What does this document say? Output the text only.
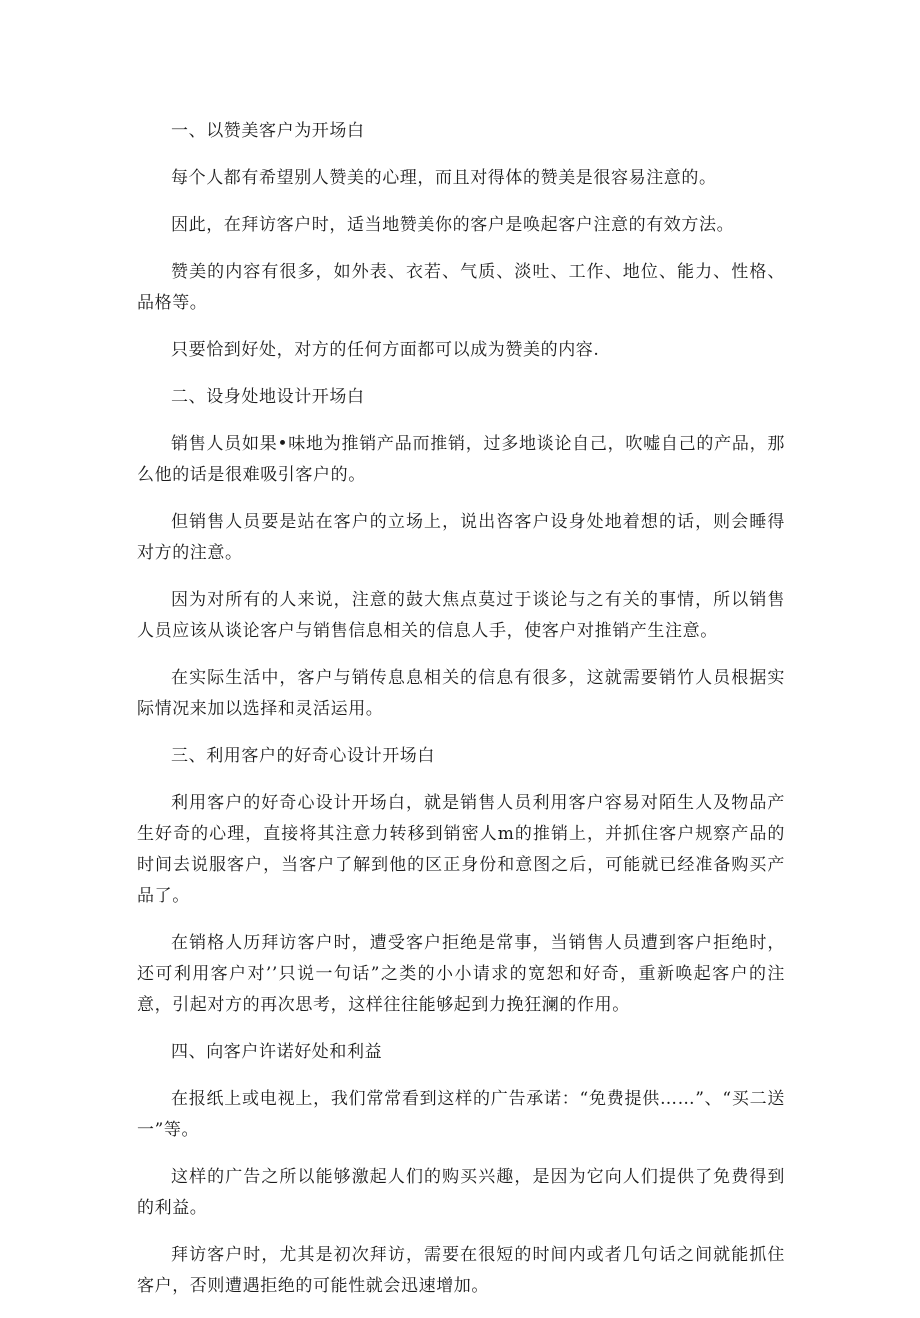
一、以赞美客户为开场白

每个人都有希望别人赞美的心理，而且对得体的赞美是很容易注意的。

因此，在拜访客户时，适当地赞美你的客户是唤起客户注意的有效方法。

赞美的内容有很多，如外表、衣若、气质、淡吐、工作、地位、能力、性格、品格等。

只要恰到好处，对方的任何方面都可以成为赞美的内容.

二、设身处地设计开场白

销售人员如果•味地为推销产品而推销，过多地谈论自己，吹嘘自己的产品，那么他的话是很难吸引客户的。

但销售人员要是站在客户的立场上，说出咨客户设身处地着想的话，则会睡得对方的注意。

因为对所有的人来说，注意的鼓大焦点莫过于谈论与之有关的事情，所以销售人员应该从谈论客户与销售信息相关的信息人手，使客户对推销产生注意。

在实际生活中，客户与销传息息相关的信息有很多，这就需要销竹人员根据实际情况来加以选择和灵活运用。

三、利用客户的好奇心设计开场白

利用客户的好奇心设计开场白，就是销售人员利用客户容易对陌生人及物品产生好奇的心理，直接将其注意力转移到销密人m的推销上，并抓住客户规察产品的时间去说服客户，当客户了解到他的区正身份和意图之后，可能就已经准备购买产品了。

在销格人历拜访客户时，遭受客户拒绝是常事，当销售人员遭到客户拒绝时，还可利用客户对’’只说一句话”之类的小小请求的宽恕和好奇，重新唤起客户的注意，引起对方的再次思考，这样往往能够起到力挽狂澜的作用。

四、向客户许诺好处和利益

在报纸上或电视上，我们常常看到这样的广告承诺：“免费提供……”、“买二送一”等。

这样的广告之所以能够激起人们的购买兴趣，是因为它向人们提供了免费得到的利益。

拜访客户时，尤其是初次拜访，需要在很短的时间内或者几句话之间就能抓住客户，否则遭遇拒绝的可能性就会迅速增加。
